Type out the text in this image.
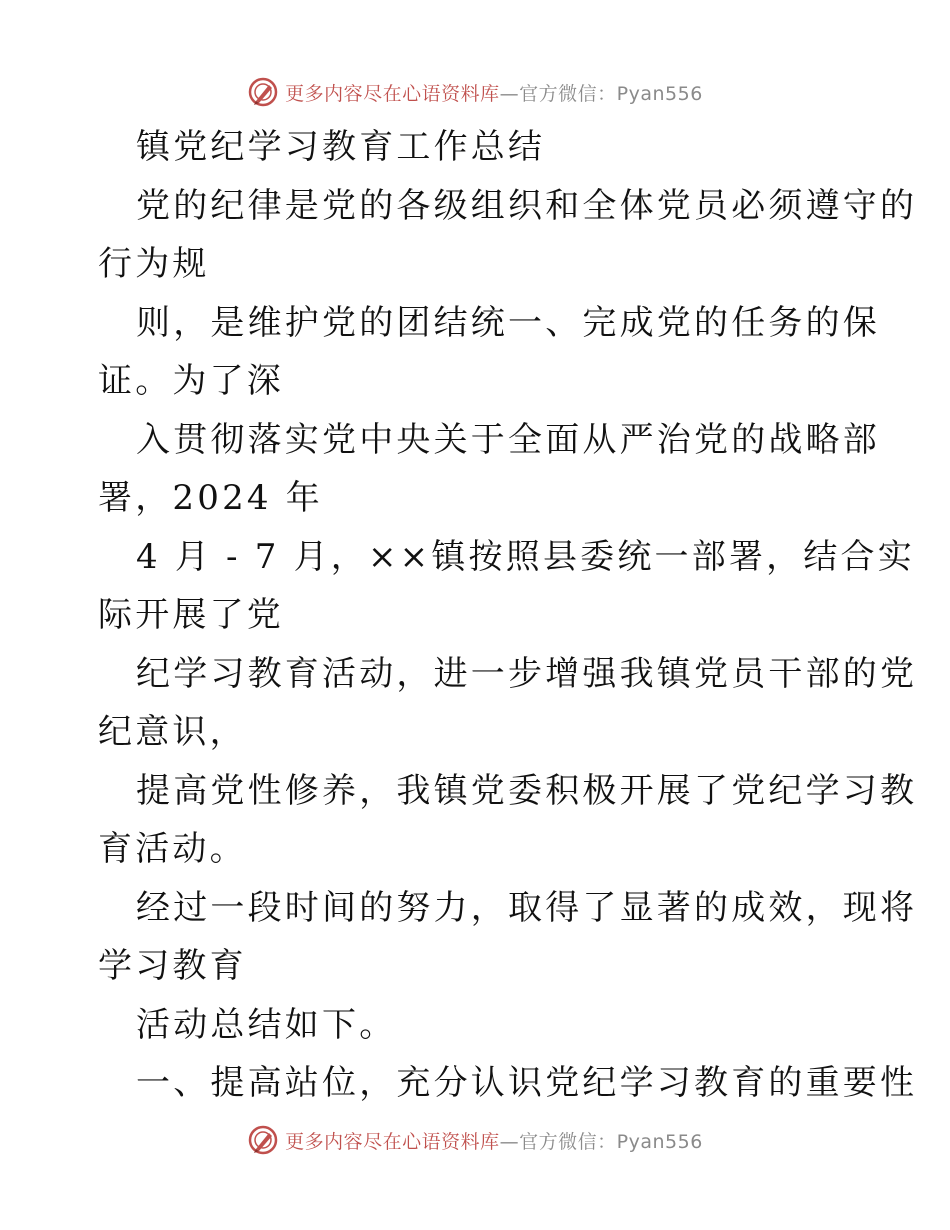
更多内容尽在心语资料库—官方微信：Pyan556
镇党纪学习教育工作总结
党的纪律是党的各级组织和全体党员必须遵守的
行为规
则，是维护党的团结统一、完成党的任务的保
证。为了深
入贯彻落实党中央关于全面从严治党的战略部
署，2024 年
4 月 - 7 月，××镇按照县委统一部署，结合实
际开展了党
纪学习教育活动，进一步增强我镇党员干部的党
纪意识，
提高党性修养，我镇党委积极开展了党纪学习教
育活动。
经过一段时间的努力，取得了显著的成效，现将
学习教育
活动总结如下。
一、提高站位，充分认识党纪学习教育的重要性
更多内容尽在心语资料库—官方微信：Pyan556
